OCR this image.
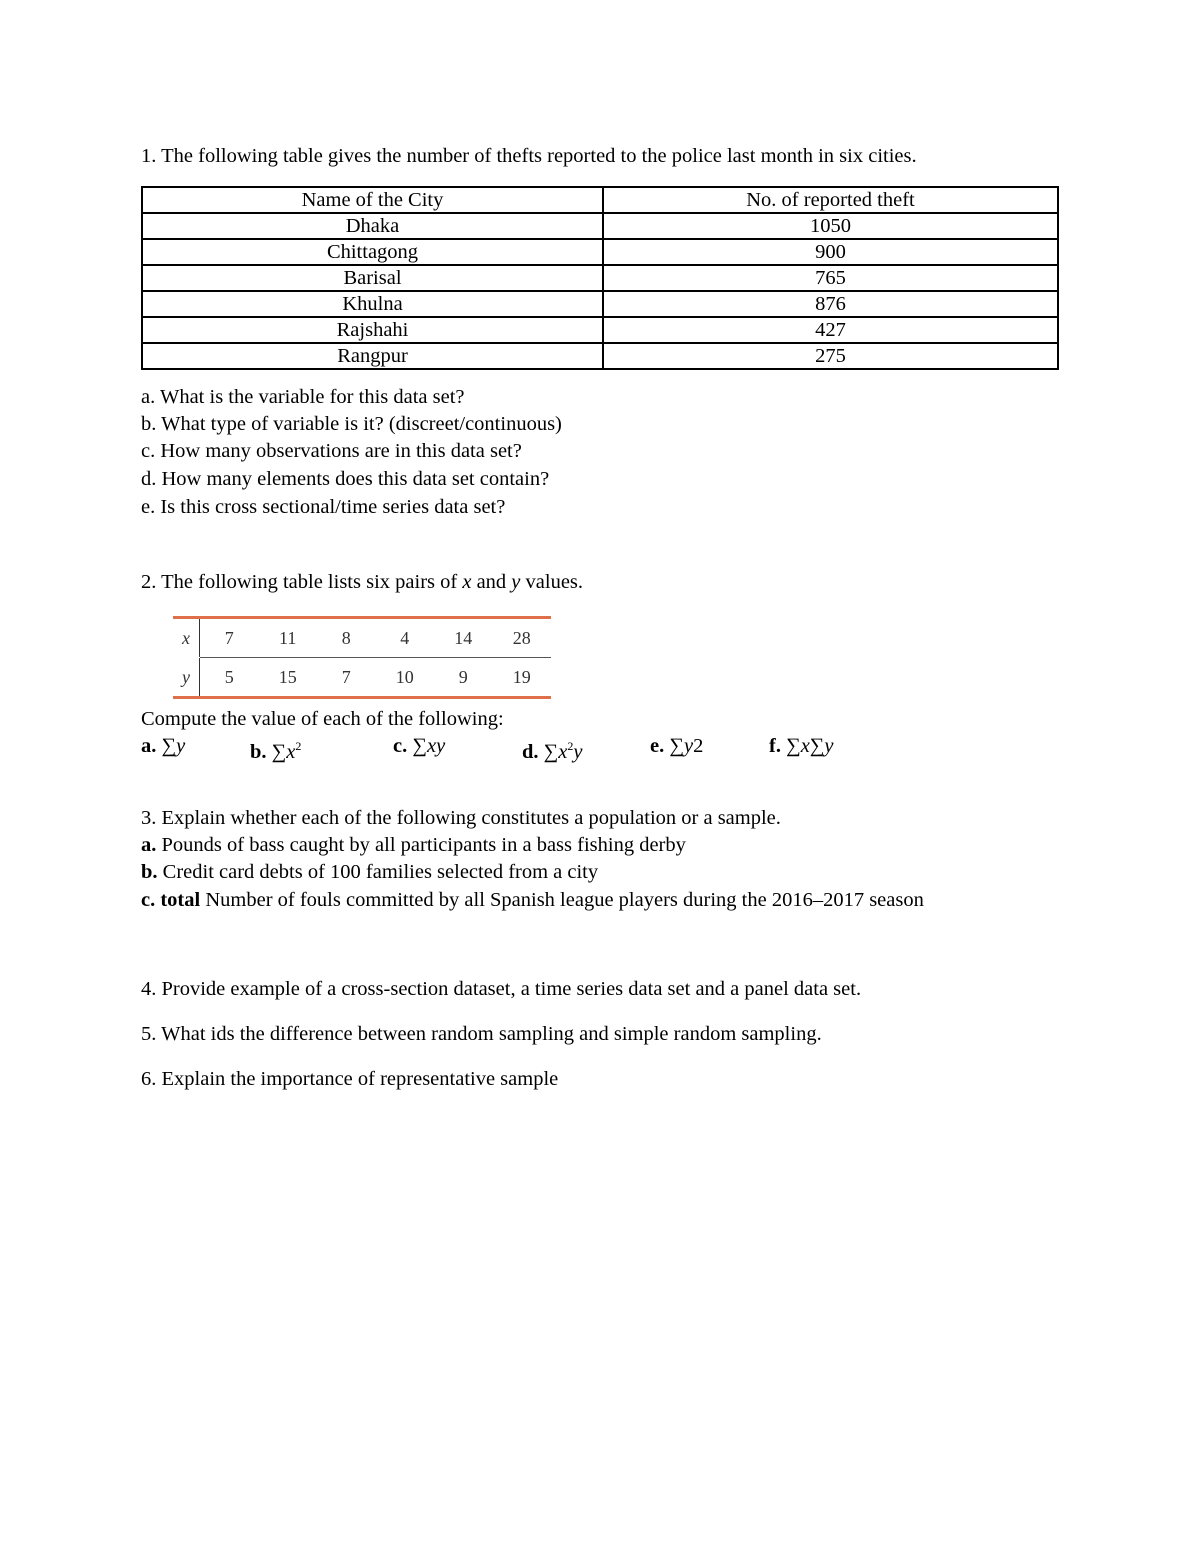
1. The following table gives the number of thefts reported to the police last month in six cities.
Name of the City	No. of reported theft
Dhaka	1050
Chittagong	900
Barisal	765
Khulna	876
Rajshahi	427
Rangpur	275
a. What is the variable for this data set?
b. What type of variable is it? (discreet/continuous)
c. How many observations are in this data set?
d. How many elements does this data set contain?
e. Is this cross sectional/time series data set?
2. The following table lists six pairs of x and y values.
x	7	11	8	4	14	28
y	5	15	7	10	9	19
Compute the value of each of the following:
a. ∑y	b. $\sum x^2$	c. ∑xy	d. $\sum x^2y$	e. ∑y2	f. ∑x∑y
3. Explain whether each of the following constitutes a population or a sample.
a. Pounds of bass caught by all participants in a bass fishing derby
b. Credit card debts of 100 families selected from a city
c. total Number of fouls committed by all Spanish league players during the 2016–2017 season
4. Provide example of a cross-section dataset, a time series data set and a panel data set.
5. What ids the difference between random sampling and simple random sampling.
6. Explain the importance of representative sample
